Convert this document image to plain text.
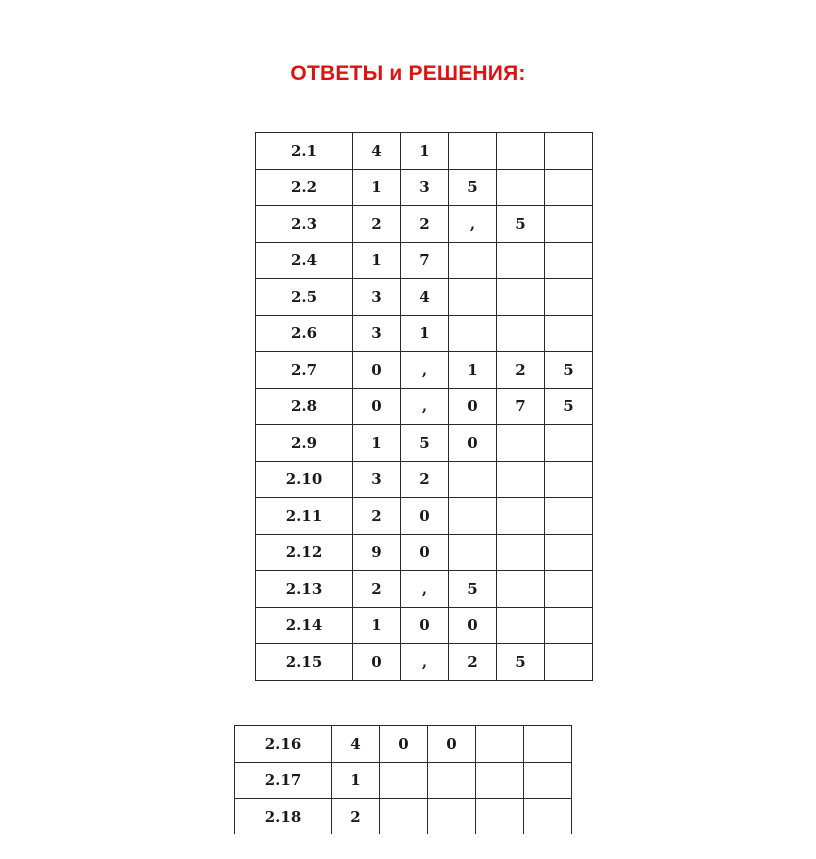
ОТВЕТЫ и РЕШЕНИЯ:
2.1	4	1			
2.2	1	3	5		
2.3	2	2	,	5	
2.4	1	7			
2.5	3	4			
2.6	3	1			
2.7	0	,	1	2	5
2.8	0	,	0	7	5
2.9	1	5	0		
2.10	3	2			
2.11	2	0			
2.12	9	0			
2.13	2	,	5		
2.14	1	0	0		
2.15	0	,	2	5	
2.16	4	0	0		
2.17	1				
2.18	2				
